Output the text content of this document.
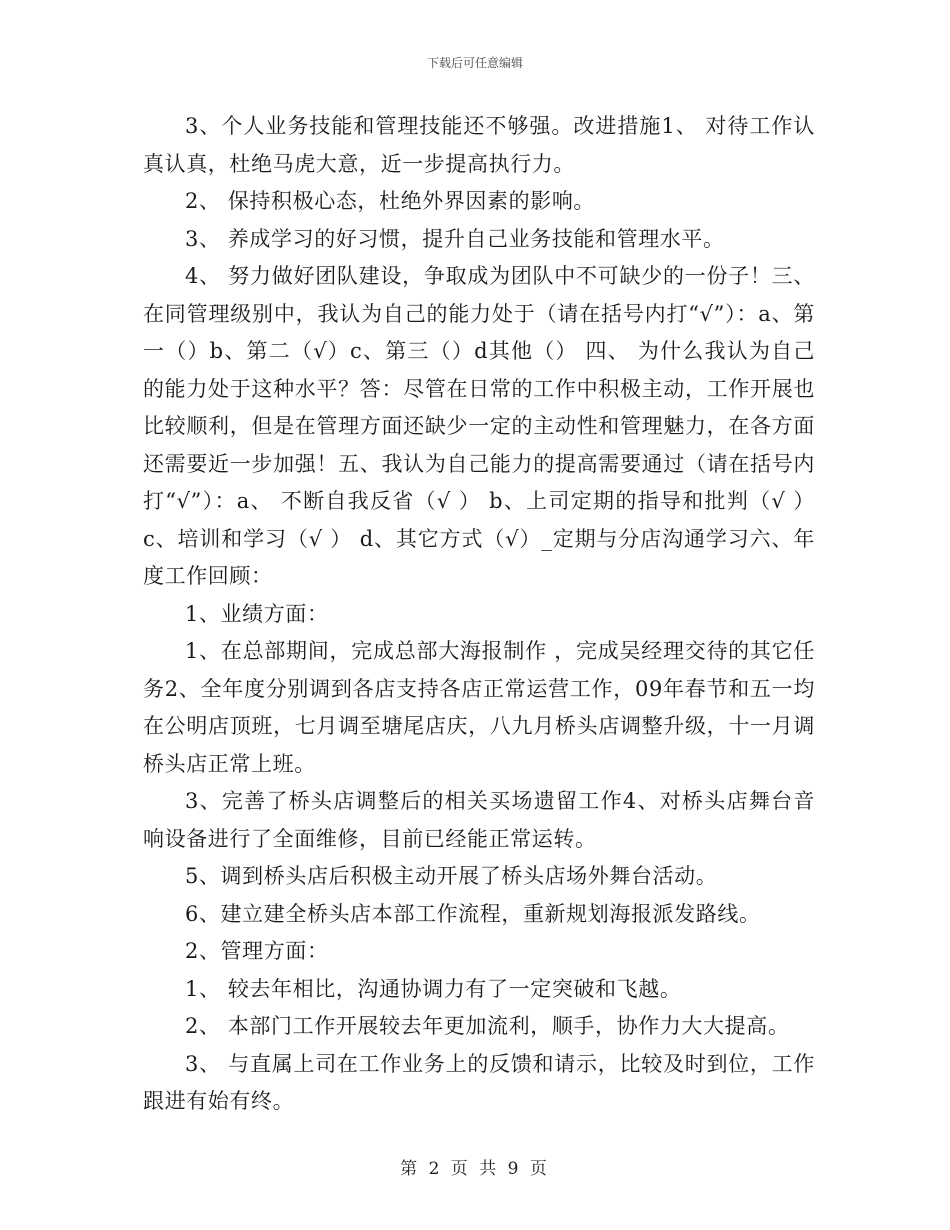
下载后可任意编辑

3、个人业务技能和管理技能还不够强。改进措施1、 对待工作认真认真，杜绝马虎大意，近一步提高执行力。

2、 保持积极心态，杜绝外界因素的影响。

3、 养成学习的好习惯，提升自己业务技能和管理水平。

4、 努力做好团队建设，争取成为团队中不可缺少的一份子！三、 在同管理级别中，我认为自己的能力处于（请在括号内打“√”）：a、第一（）b、第二（√）c、第三（）d其他（） 四、 为什么我认为自己的能力处于这种水平？答：尽管在日常的工作中积极主动，工作开展也比较顺利，但是在管理方面还缺少一定的主动性和管理魅力，在各方面还需要近一步加强！五、我认为自己能力的提高需要通过（请在括号内打“√”）：a、 不断自我反省（√ ） b、上司定期的指导和批判（√ ）c、培训和学习（√ ） d、其它方式（√）_定期与分店沟通学习六、年度工作回顾：

1、业绩方面：

1、在总部期间，完成总部大海报制作 ，完成吴经理交待的其它任务2、全年度分别调到各店支持各店正常运营工作，09年春节和五一均在公明店顶班，七月调至塘尾店庆，八九月桥头店调整升级，十一月调桥头店正常上班。

3、完善了桥头店调整后的相关买场遗留工作4、对桥头店舞台音响设备进行了全面维修，目前已经能正常运转。

5、调到桥头店后积极主动开展了桥头店场外舞台活动。

6、建立建全桥头店本部工作流程，重新规划海报派发路线。

2、管理方面：

1、 较去年相比，沟通协调力有了一定突破和飞越。

2、 本部门工作开展较去年更加流利，顺手，协作力大大提高。

3、 与直属上司在工作业务上的反馈和请示，比较及时到位，工作跟进有始有终。

第 2 页 共 9 页
